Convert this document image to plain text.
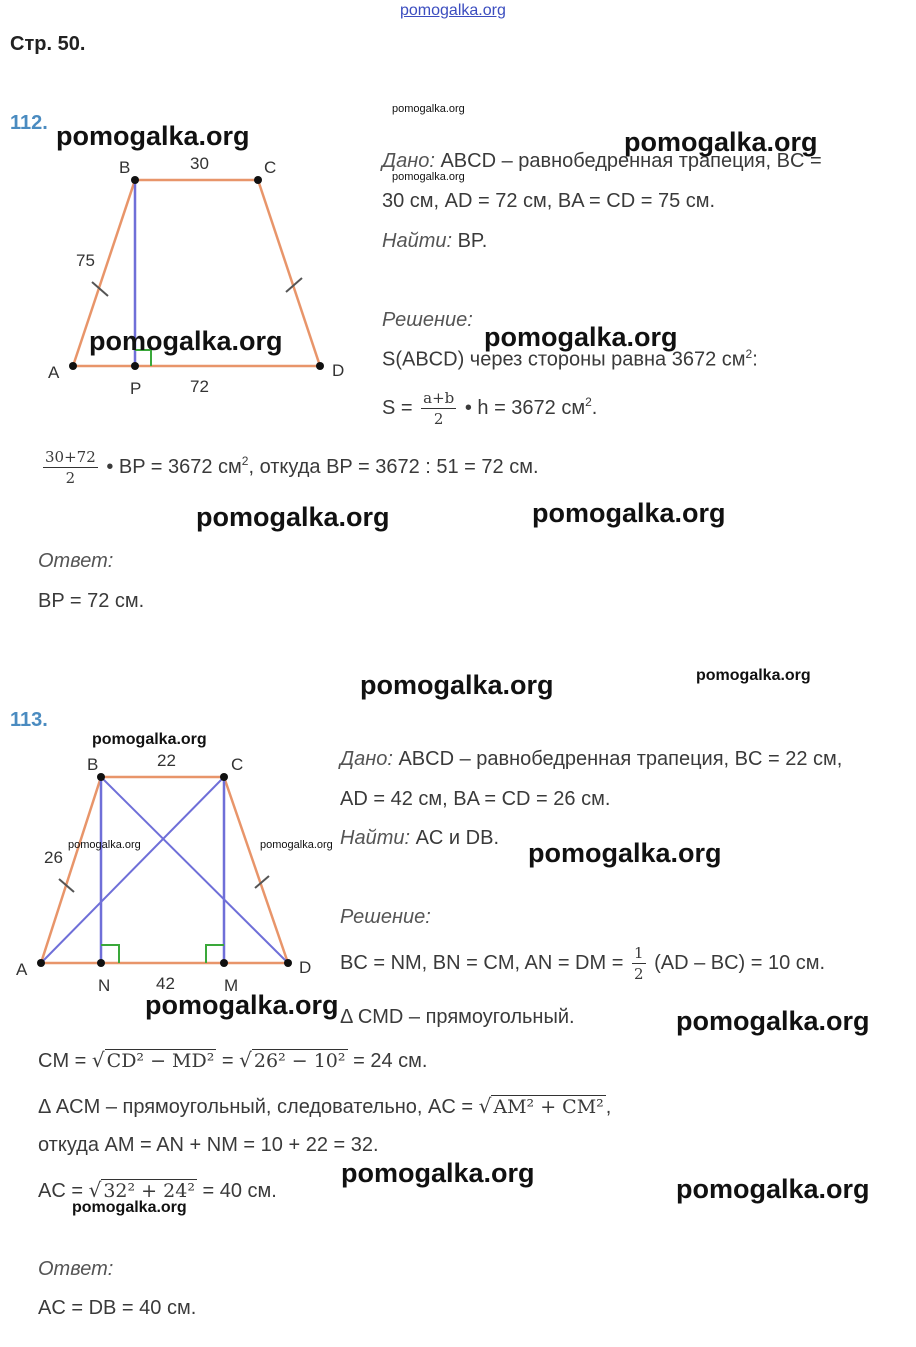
pomogalka.org
Стр. 50.
112.
B	C
A	D
P
30
75
72
Дано: ABCD – равнобедренная трапеция, BC =
30 см, AD = 72 см, BA = CD = 75 см.
Найти: BP.
Решение:
S(ABCD) через стороны равна 3672 $см^2$:
$S = \frac{a+b}{2}$ • h = 3672 $см^2$.
$\frac{30+72}{2}$ • BP = 3672 $см^2$, откуда BP = 3672 : 51 = 72 см.
Ответ:
BP = 72 см.
113.
B	C
A	D
N	M
22
26
42
Дано: ABCD – равнобедренная трапеция, BC = 22 см,
AD = 42 см, BA = CD = 26 см.
Найти: AC и DB.
Решение:
BC = NM, BN = CM, AN = DM = $\frac{1}{2} (AD - BC) = 10$ см.
Δ CMD – прямоугольный.
CM = √ CD² − MD² = √ 26² − 10² = 24 см.
Δ ACM – прямоугольный, следовательно, AC = √ AM² + CM² ,
откуда AM = AN + NM = 10 + 22 = 32.
AC = √ 32² + 24² = 40 см.
Ответ:
AC = DB = 40 см.
pomogalka.org	pomogalka.org
pomogalka.org	pomogalka.org
pomogalka.org	pomogalka.org
pomogalka.org
pomogalka.org
pomogalka.org
pomogalka.org
pomogalka.org
pomogalka.org
pomogalka.org
pomogalka.org
pomogalka.org
pomogalka.org
pomogalka.org	pomogalka.org
pomogalka.org
